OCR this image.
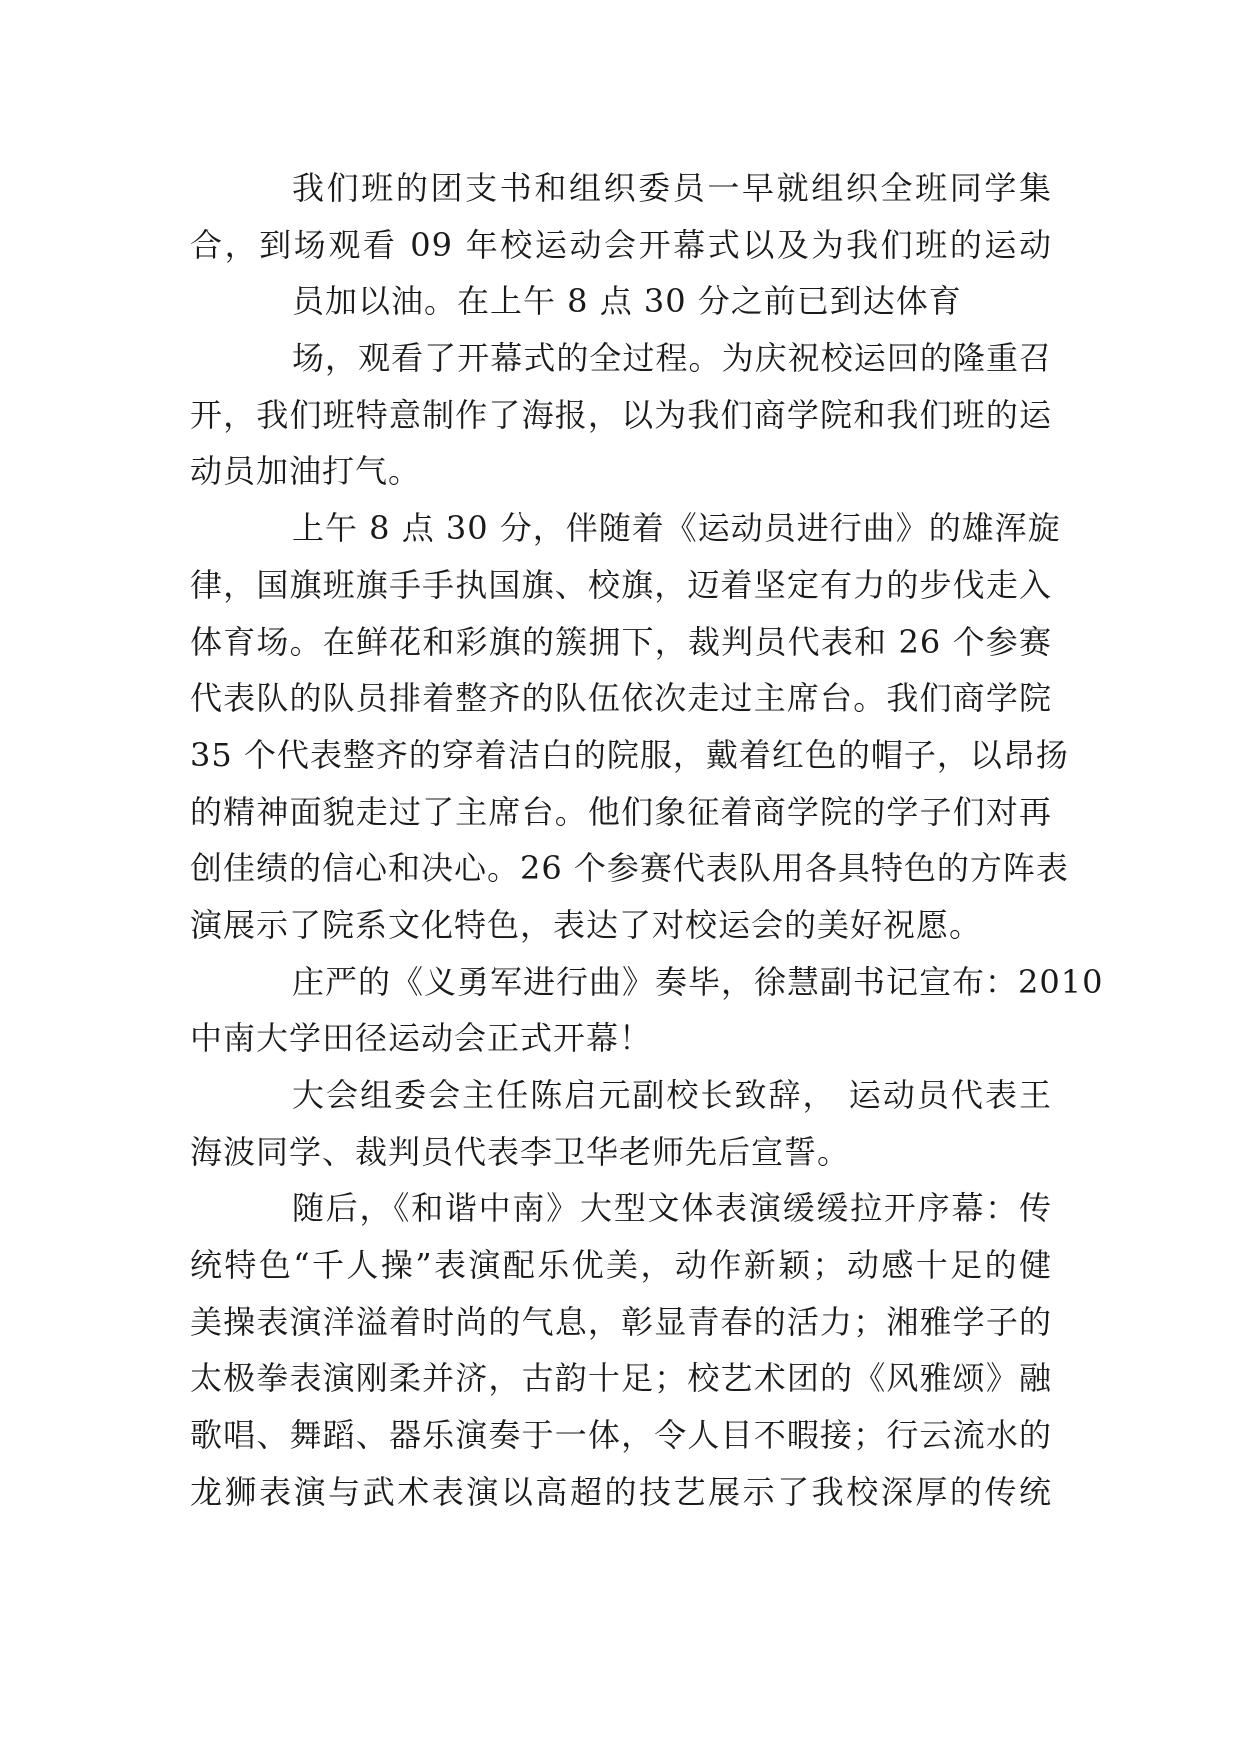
我们班的团支书和组织委员一早就组织全班同学集
合，到场观看 09 年校运动会开幕式以及为我们班的运动
员加以油。在上午 8 点 30 分之前已到达体育
场，观看了开幕式的全过程。为庆祝校运回的隆重召
开，我们班特意制作了海报，以为我们商学院和我们班的运
动员加油打气。
上午 8 点 30 分，伴随着《运动员进行曲》的雄浑旋
律，国旗班旗手手执国旗、校旗，迈着坚定有力的步伐走入
体育场。在鲜花和彩旗的簇拥下，裁判员代表和 26 个参赛
代表队的队员排着整齐的队伍依次走过主席台。我们商学院
35 个代表整齐的穿着洁白的院服，戴着红色的帽子，以昂扬
的精神面貌走过了主席台。他们象征着商学院的学子们对再
创佳绩的信心和决心。26 个参赛代表队用各具特色的方阵表
演展示了院系文化特色，表达了对校运会的美好祝愿。
庄严的《义勇军进行曲》奏毕，徐慧副书记宣布：2010
中南大学田径运动会正式开幕！
大会组委会主任陈启元副校长致辞， 运动员代表王
海波同学、裁判员代表李卫华老师先后宣誓。
随后，《和谐中南》大型文体表演缓缓拉开序幕：传
统特色“千人操”表演配乐优美，动作新颖；动感十足的健
美操表演洋溢着时尚的气息，彰显青春的活力；湘雅学子的
太极拳表演刚柔并济，古韵十足；校艺术团的《风雅颂》融
歌唱、舞蹈、器乐演奏于一体，令人目不暇接；行云流水的
龙狮表演与武术表演以高超的技艺展示了我校深厚的传统
